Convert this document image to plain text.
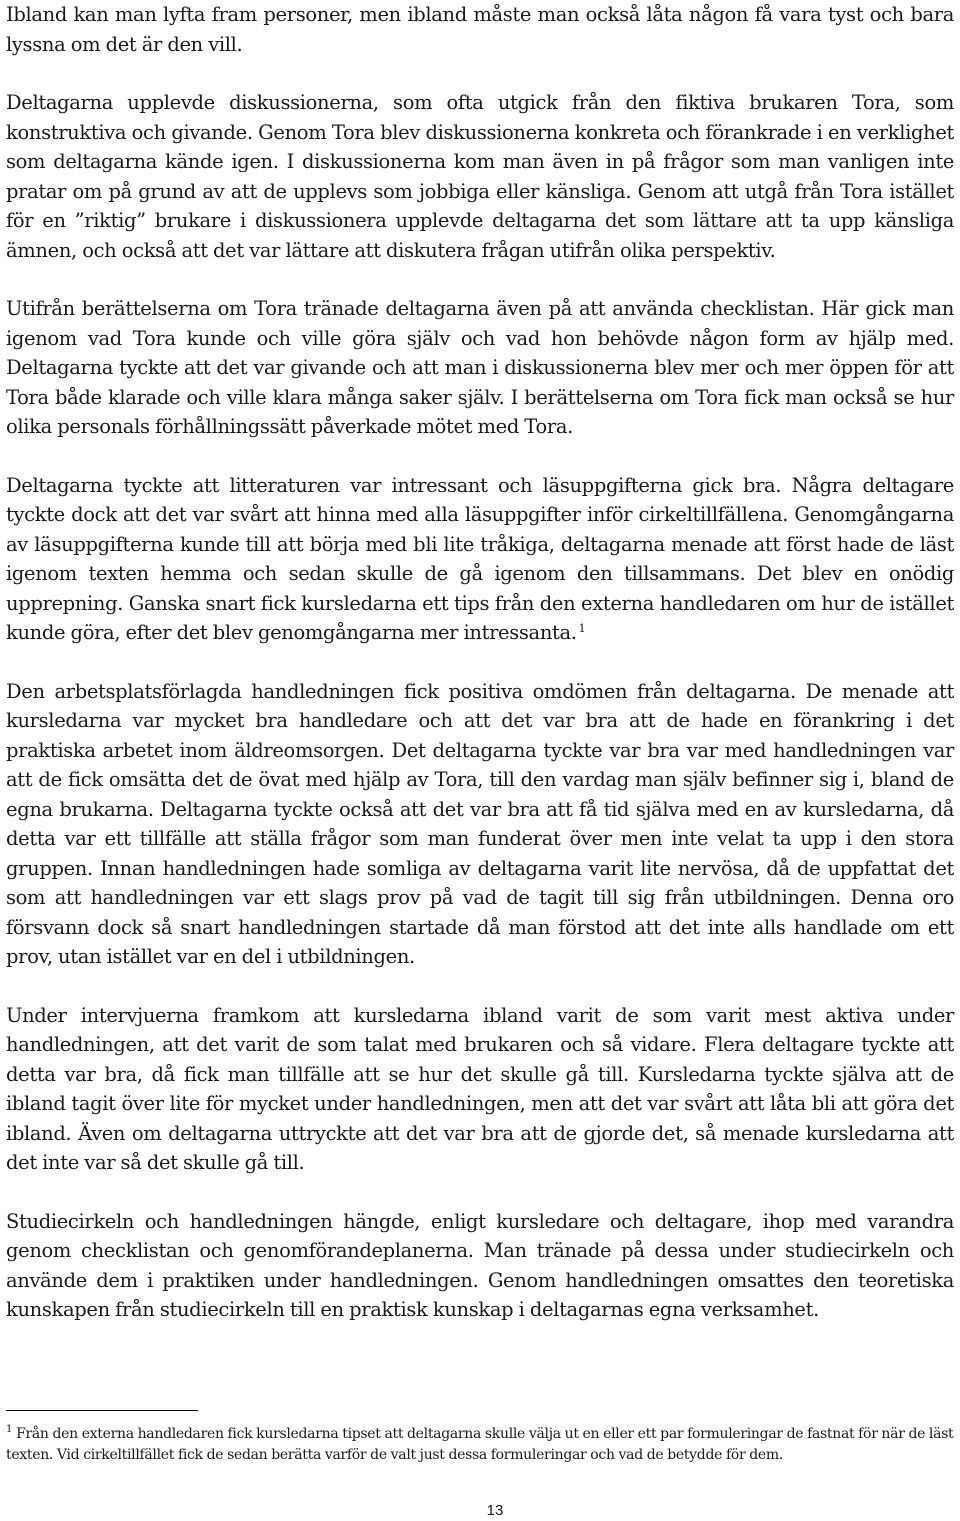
Ibland kan man lyfta fram personer, men ibland måste man också låta någon få vara tyst och bara lyssna om det är den vill.

Deltagarna upplevde diskussionerna, som ofta utgick från den fiktiva brukaren Tora, som konstruktiva och givande. Genom Tora blev diskussionerna konkreta och förankrade i en verklighet som deltagarna kände igen. I diskussionerna kom man även in på frågor som man vanligen inte pratar om på grund av att de upplevs som jobbiga eller känsliga. Genom att utgå från Tora istället för en ”riktig” brukare i diskussionera upplevde deltagarna det som lättare att ta upp känsliga ämnen, och också att det var lättare att diskutera frågan utifrån olika perspektiv.

Utifrån berättelserna om Tora tränade deltagarna även på att använda checklistan. Här gick man igenom vad Tora kunde och ville göra själv och vad hon behövde någon form av hjälp med. Deltagarna tyckte att det var givande och att man i diskussionerna blev mer och mer öppen för att Tora både klarade och ville klara många saker själv. I berättelserna om Tora fick man också se hur olika personals förhållningssätt påverkade mötet med Tora.

Deltagarna tyckte att litteraturen var intressant och läsuppgifterna gick bra. Några deltagare tyckte dock att det var svårt att hinna med alla läsuppgifter inför cirkeltillfällena. Genomgångarna av läsuppgifterna kunde till att börja med bli lite tråkiga, deltagarna menade att först hade de läst igenom texten hemma och sedan skulle de gå igenom den tillsammans. Det blev en onödig upprepning. Ganska snart fick kursledarna ett tips från den externa handledaren om hur de istället kunde göra, efter det blev genomgångarna mer intressanta. $^1$

Den arbetsplatsförlagda handledningen fick positiva omdömen från deltagarna. De menade att kursledarna var mycket bra handledare och att det var bra att de hade en förankring i det praktiska arbetet inom äldreomsorgen. Det deltagarna tyckte var bra var med handledningen var att de fick omsätta det de övat med hjälp av Tora, till den vardag man själv befinner sig i, bland de egna brukarna. Deltagarna tyckte också att det var bra att få tid själva med en av kursledarna, då detta var ett tillfälle att ställa frågor som man funderat över men inte velat ta upp i den stora gruppen. Innan handledningen hade somliga av deltagarna varit lite nervösa, då de uppfattat det som att handledningen var ett slags prov på vad de tagit till sig från utbildningen. Denna oro försvann dock så snart handledningen startade då man förstod att det inte alls handlade om ett prov, utan istället var en del i utbildningen.

Under intervjuerna framkom att kursledarna ibland varit de som varit mest aktiva under handledningen, att det varit de som talat med brukaren och så vidare. Flera deltagare tyckte att detta var bra, då fick man tillfälle att se hur det skulle gå till. Kursledarna tyckte själva att de ibland tagit över lite för mycket under handledningen, men att det var svårt att låta bli att göra det ibland. Även om deltagarna uttryckte att det var bra att de gjorde det, så menade kursledarna att det inte var så det skulle gå till.

Studiecirkeln och handledningen hängde, enligt kursledare och deltagare, ihop med varandra genom checklistan och genomförandeplanerna. Man tränade på dessa under studiecirkeln och använde dem i praktiken under handledningen. Genom handledningen omsattes den teoretiska kunskapen från studiecirkeln till en praktisk kunskap i deltagarnas egna verksamhet.

$^1$ Från den externa handledaren fick kursledarna tipset att deltagarna skulle välja ut en eller ett par formuleringar de fastnat för när de läst texten. Vid cirkeltillfället fick de sedan berätta varför de valt just dessa formuleringar och vad de betydde för dem.

13
